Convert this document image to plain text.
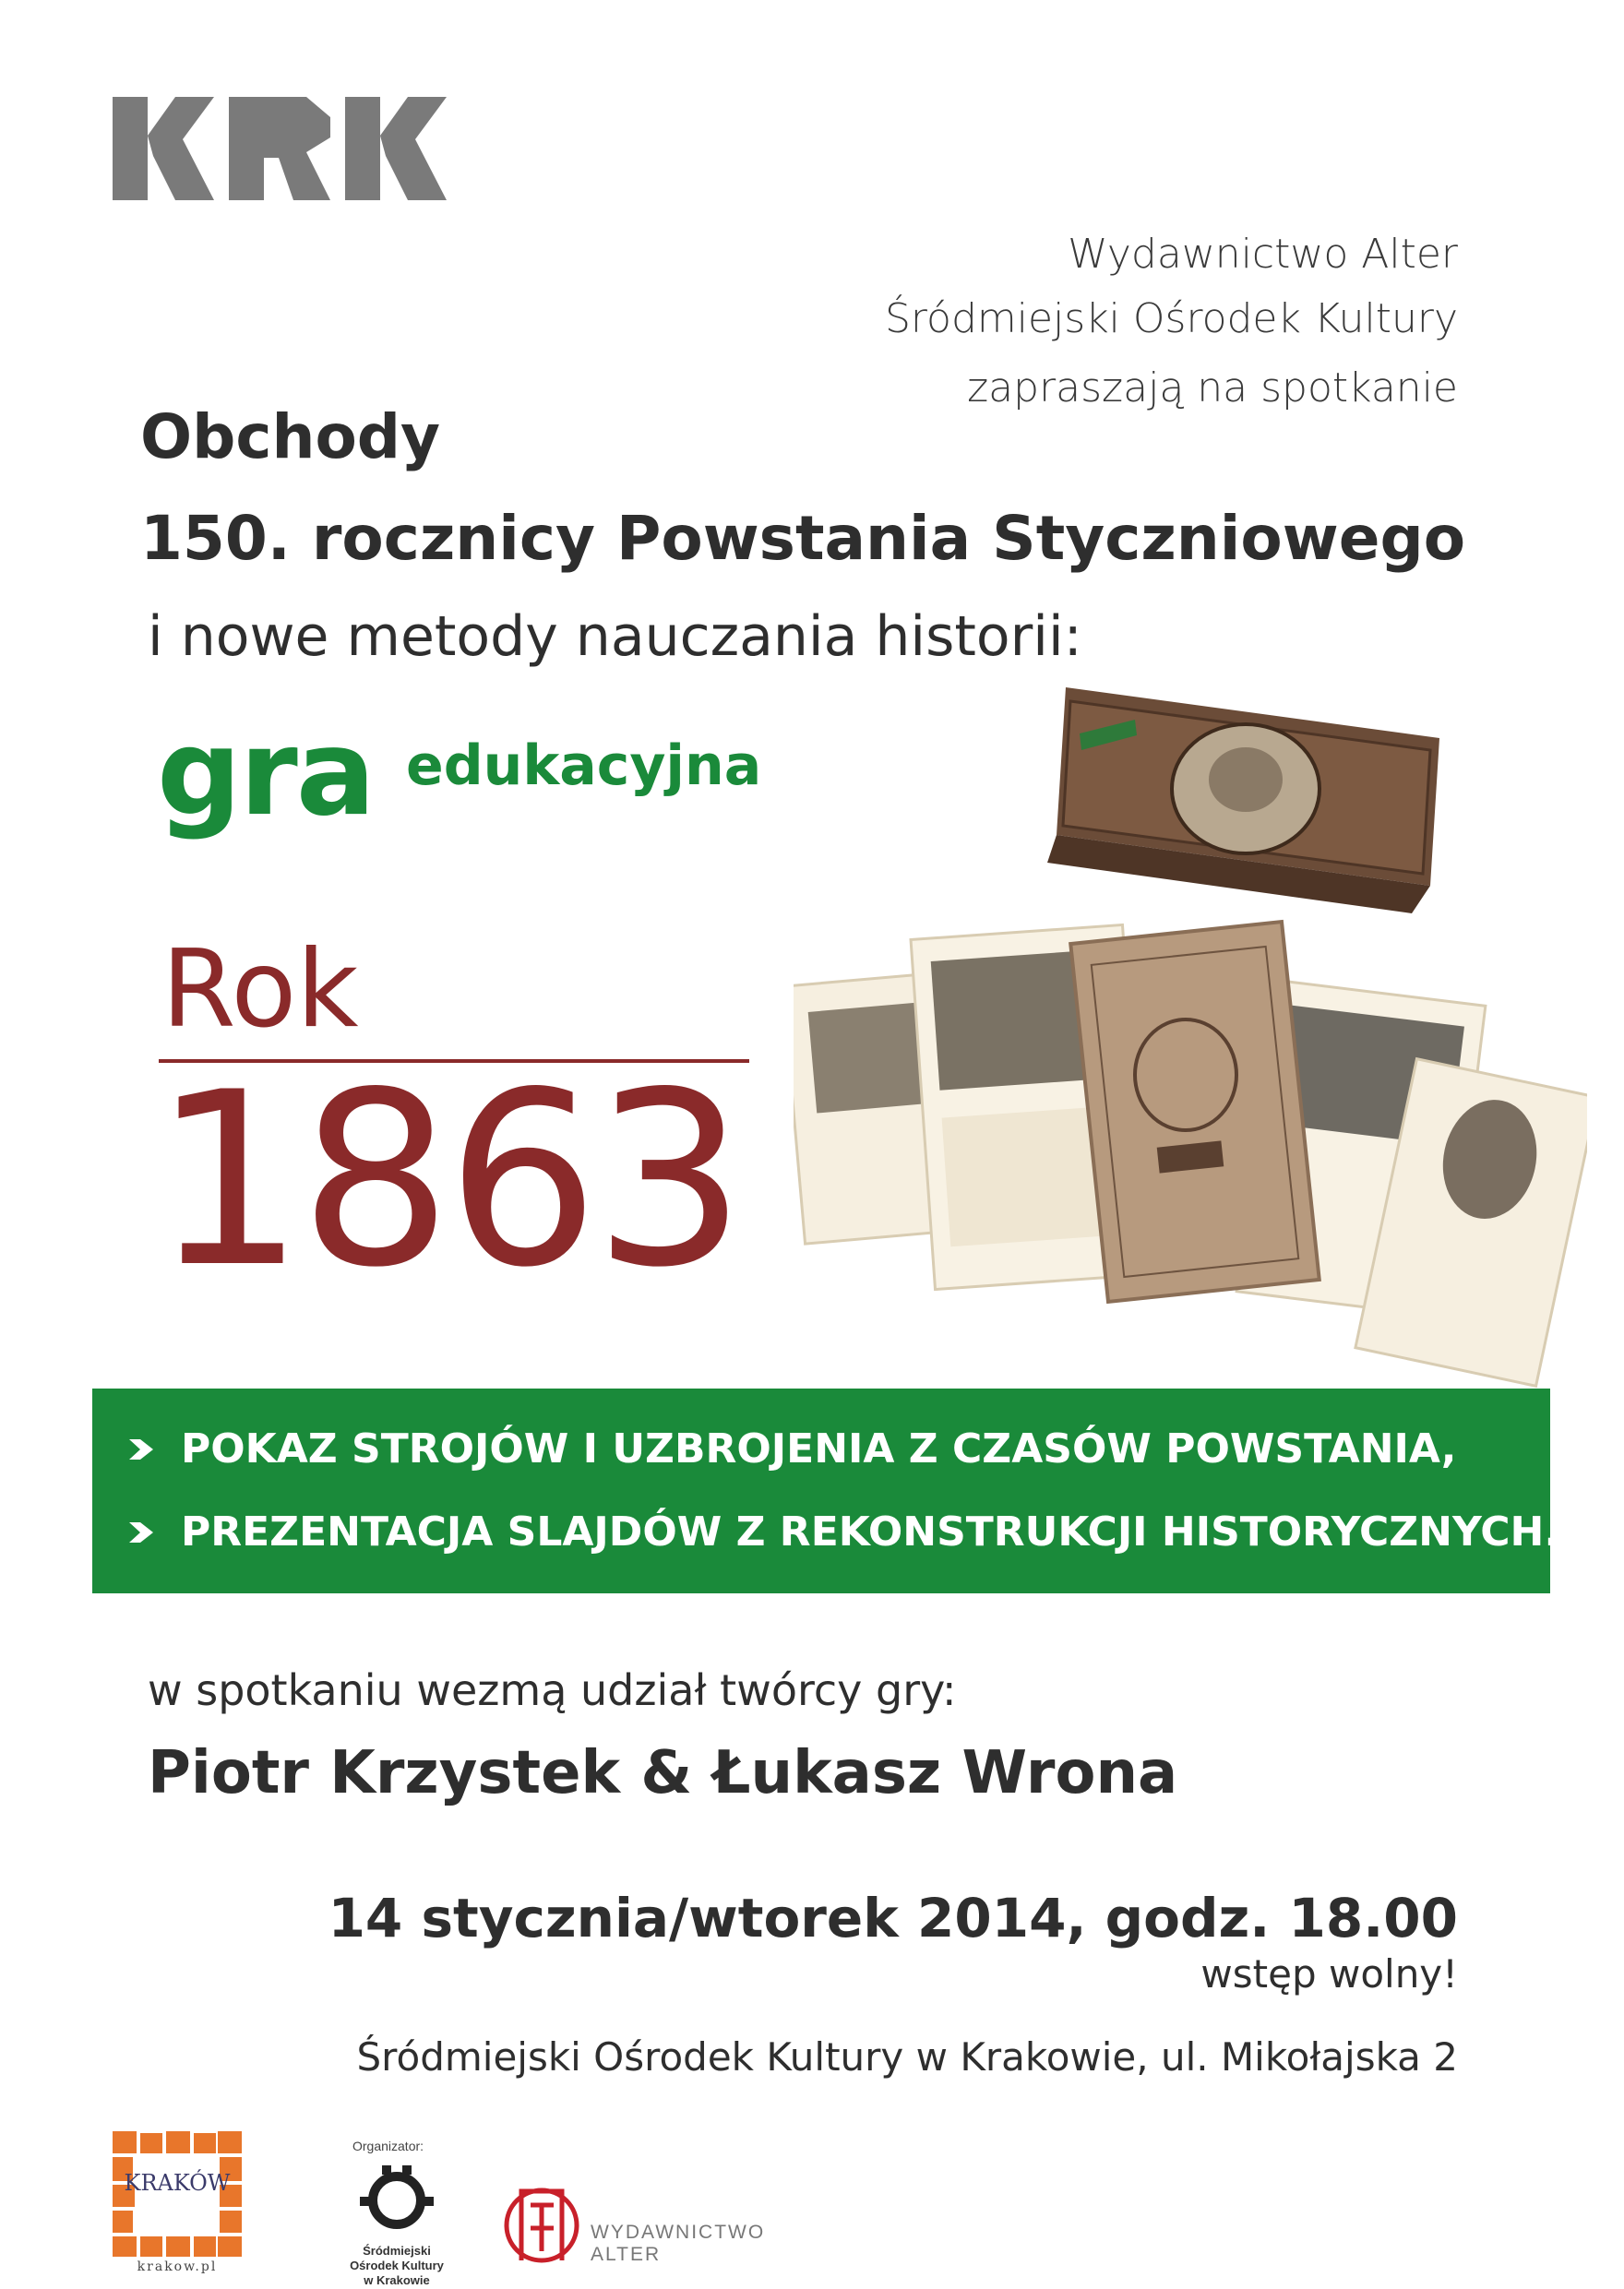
Wydawnictwo Alter
Śródmiejski Ośrodek Kultury
zapraszają na spotkanie
Obchody
150. rocznicy Powstania Styczniowego
i nowe metody nauczania historii:
gra edukacyjna
Rok
1863
POKAZ STROJÓW I UZBROJENIA Z CZASÓW POWSTANIA,
PREZENTACJA SLAJDÓW Z REKONSTRUKCJI HISTORYCZNYCH.
w spotkaniu wezmą udział twórcy gry:
Piotr Krzystek & Łukasz Wrona
14 stycznia/wtorek 2014, godz. 18.00
wstęp wolny!
Śródmiejski Ośrodek Kultury w Krakowie, ul. Mikołajska 2
KRAKÓW
krakow.pl
Organizator:
Śródmiejski
Ośrodek Kultury
w Krakowie
WYDAWNICTWO
ALTER
